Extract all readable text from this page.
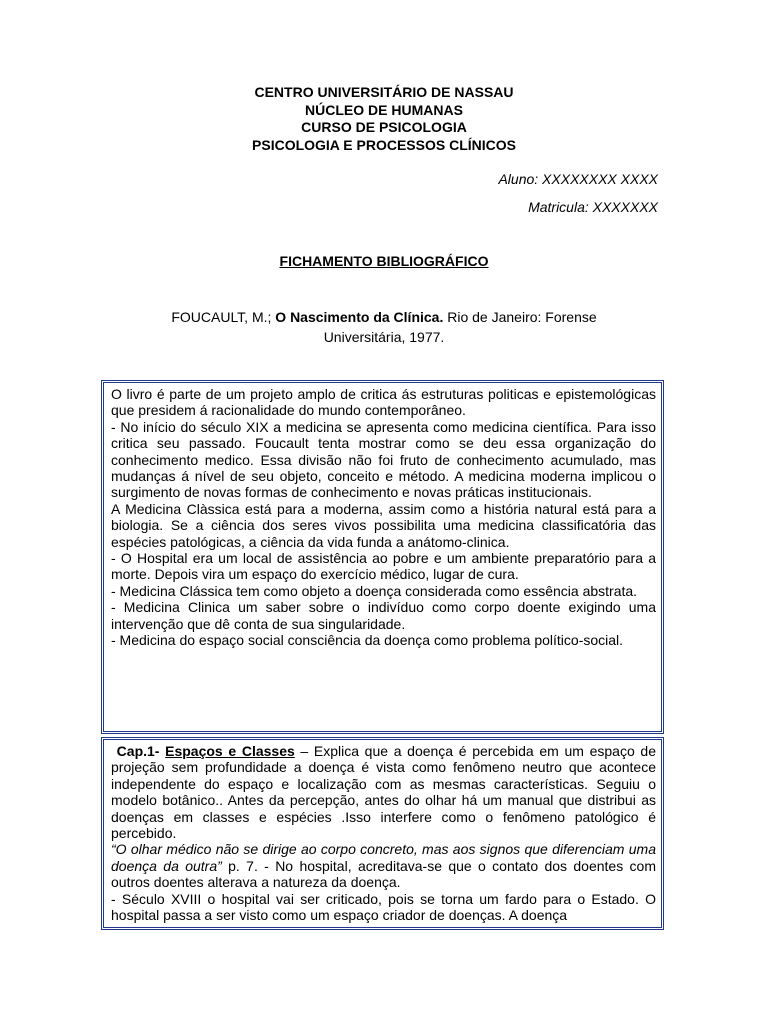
CENTRO UNIVERSITÁRIO DE NASSAU
NÚCLEO DE HUMANAS
CURSO DE PSICOLOGIA
PSICOLOGIA E PROCESSOS CLÍNICOS
Aluno: XXXXXXXX XXXX
Matricula: XXXXXXX
FICHAMENTO BIBLIOGRÁFICO
FOUCAULT, M.; O Nascimento da Clínica. Rio de Janeiro: Forense Universitária, 1977.

O livro é parte de um projeto amplo de critica ás estruturas politicas e epistemológicas que presidem á racionalidade do mundo contemporâneo.

- No início do século XIX a medicina se apresenta como medicina científica. Para isso critica seu passado. Foucault tenta mostrar como se deu essa organização do conhecimento medico. Essa divisão não foi fruto de conhecimento acumulado, mas mudanças á nível de seu objeto, conceito e método. A medicina moderna implicou o surgimento de novas formas de conhecimento e novas práticas institucionais.

A Medicina Clàssica está para a moderna, assim como a história natural está para a biologia. Se a ciência dos seres vivos possibilita uma medicina classificatória das espécies patológicas, a ciência da vida funda a anátomo-clinica.

- O Hospital era um local de assistência ao pobre e um ambiente preparatório para a morte. Depois vira um espaço do exercício médico, lugar de cura.

- Medicina Clássica tem como objeto a doença considerada como essência abstrata.

- Medicina Clinica um saber sobre o indivíduo como corpo doente exigindo uma intervenção que dê conta de sua singularidade.

- Medicina do espaço social consciência da doença como problema político-social.

Cap.1- Espaços e Classes – Explica que a doença é percebida em um espaço de projeção sem profundidade a doença é vista como fenômeno neutro que acontece independente do espaço e localização com as mesmas características. Seguiu o modelo botânico.. Antes da percepção, antes do olhar há um manual que distribui as doenças em classes e espécies .Isso interfere como o fenômeno patológico é percebido.

“O olhar médico não se dirige ao corpo concreto, mas aos signos que diferenciam uma doença da outra” p. 7. - No hospital, acreditava-se que o contato dos doentes com outros doentes alterava a natureza da doença.

- Século XVIII o hospital vai ser criticado, pois se torna um fardo para o Estado. O hospital passa a ser visto como um espaço criador de doenças. A doença
